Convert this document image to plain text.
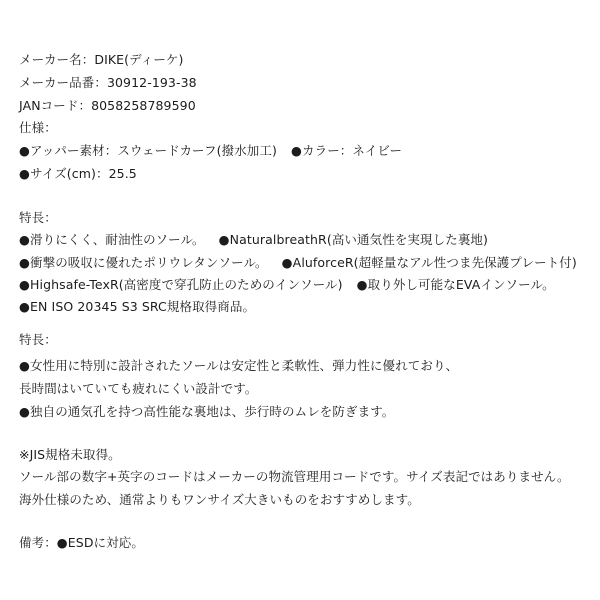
メーカー名：DIKE(ディーケ)
メーカー品番：30912-193-38
JANコード：8058258789590
仕様：
●アッパー素材：スウェードカーフ(撥水加工) ●カラー：ネイビー
●サイズ(cm)：25.5
特長：
●滑りにくく、耐油性のソール。 ●NaturalbreathR(高い通気性を実現した裏地)
●衝撃の吸収に優れたポリウレタンソール。 ●AluforceR(超軽量なアル性つま先保護プレート付)
●Highsafe-TexR(高密度で穿孔防止のためのインソール) ●取り外し可能なEVAインソール。
●EN ISO 20345 S3 SRC規格取得商品。
特長：
●女性用に特別に設計されたソールは安定性と柔軟性、弾力性に優れており、
長時間はいていても疲れにくい設計です。
●独自の通気孔を持つ高性能な裏地は、歩行時のムレを防ぎます。
※JIS規格未取得。
ソール部の数字+英字のコードはメーカーの物流管理用コードです。サイズ表記ではありません。
海外仕様のため、通常よりもワンサイズ大きいものをおすすめします。
備考：●ESDに対応。
